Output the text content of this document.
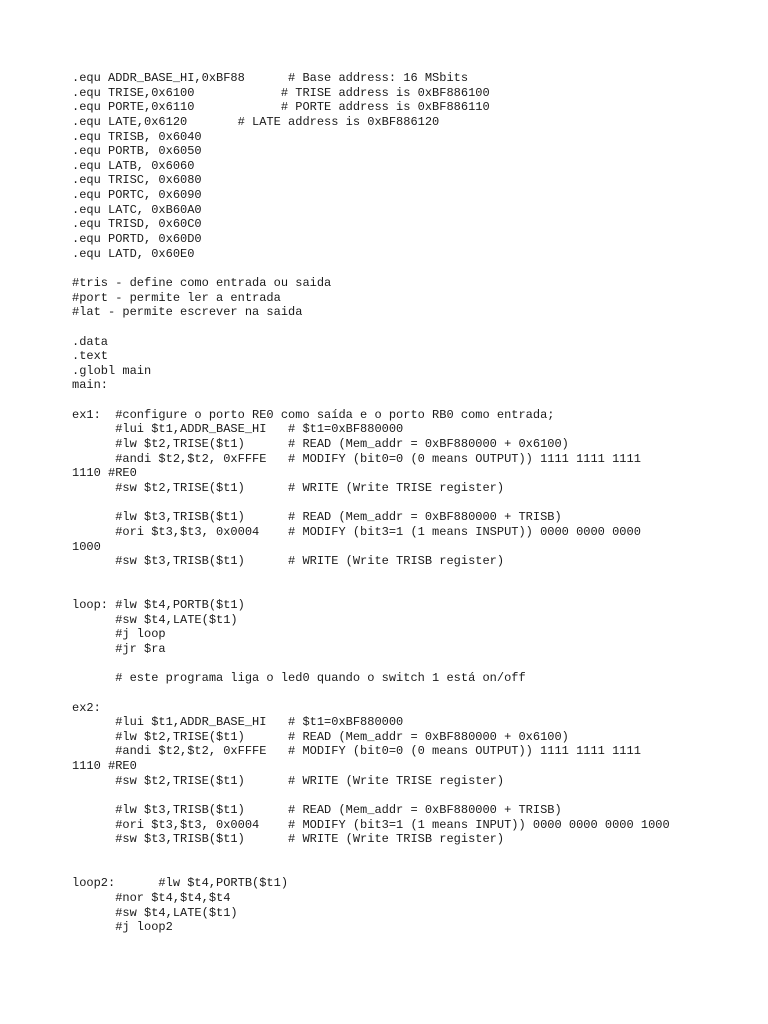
.equ ADDR_BASE_HI,0xBF88      # Base address: 16 MSbits
.equ TRISE,0x6100            # TRISE address is 0xBF886100
.equ PORTE,0x6110            # PORTE address is 0xBF886110
.equ LATE,0x6120       # LATE address is 0xBF886120
.equ TRISB, 0x6040
.equ PORTB, 0x6050
.equ LATB, 0x6060
.equ TRISC, 0x6080
.equ PORTC, 0x6090
.equ LATC, 0xB60A0
.equ TRISD, 0x60C0
.equ PORTD, 0x60D0
.equ LATD, 0x60E0
#tris - define como entrada ou saida
#port - permite ler a entrada
#lat - permite escrever na saida
.data
.text
.globl main
main:
ex1:  #configure o porto RE0 como saída e o porto RB0 como entrada;
#lui $t1,ADDR_BASE_HI   # $t1=0xBF880000
#lw $t2,TRISE($t1)      # READ (Mem_addr = 0xBF880000 + 0x6100)
#andi $t2,$t2, 0xFFFE   # MODIFY (bit0=0 (0 means OUTPUT)) 1111 1111 1111
1110 #RE0
#sw $t2,TRISE($t1)      # WRITE (Write TRISE register)
#lw $t3,TRISB($t1)      # READ (Mem_addr = 0xBF880000 + TRISB)
#ori $t3,$t3, 0x0004    # MODIFY (bit3=1 (1 means INSPUT)) 0000 0000 0000
1000
#sw $t3,TRISB($t1)      # WRITE (Write TRISB register)
loop: #lw $t4,PORTB($t1)
#sw $t4,LATE($t1)
#j loop
#jr $ra
# este programa liga o led0 quando o switch 1 está on/off
ex2:
#lui $t1,ADDR_BASE_HI   # $t1=0xBF880000
#lw $t2,TRISE($t1)      # READ (Mem_addr = 0xBF880000 + 0x6100)
#andi $t2,$t2, 0xFFFE   # MODIFY (bit0=0 (0 means OUTPUT)) 1111 1111 1111
1110 #RE0
#sw $t2,TRISE($t1)      # WRITE (Write TRISE register)
#lw $t3,TRISB($t1)      # READ (Mem_addr = 0xBF880000 + TRISB)
#ori $t3,$t3, 0x0004    # MODIFY (bit3=1 (1 means INPUT)) 0000 0000 0000 1000
#sw $t3,TRISB($t1)      # WRITE (Write TRISB register)
loop2:      #lw $t4,PORTB($t1)
#nor $t4,$t4,$t4
#sw $t4,LATE($t1)
#j loop2
